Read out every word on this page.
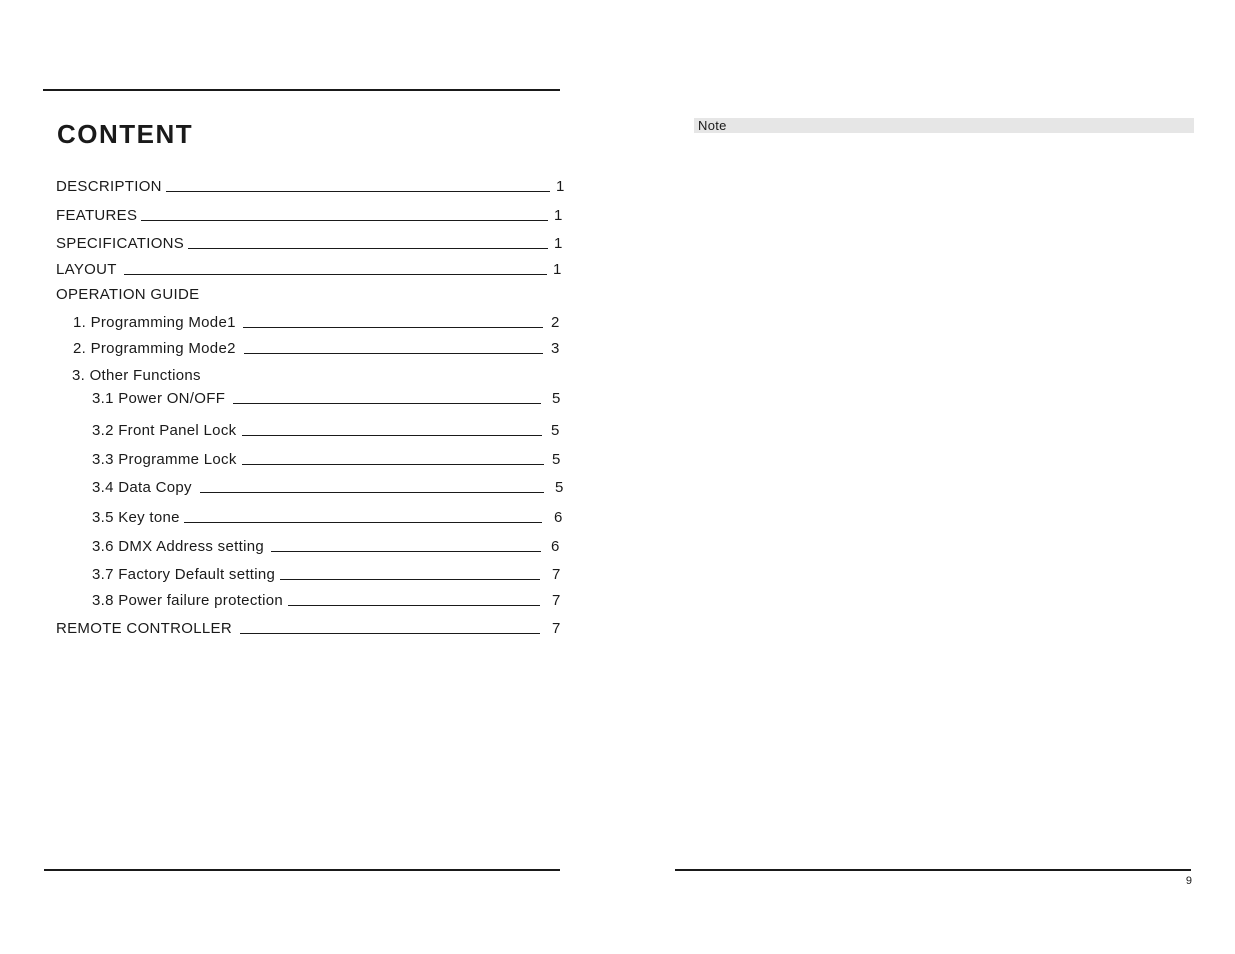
CONTENT
DESCRIPTION	1
FEATURES	1
SPECIFICATIONS	1
LAYOUT	1
OPERATION GUIDE
1. Programming Mode1	2
2. Programming Mode2	3
3. Other Functions
3.1 Power ON/OFF	5
3.2 Front Panel Lock	5
3.3 Programme Lock	5
3.4 Data Copy	5
3.5 Key tone	6
3.6 DMX Address setting	6
3.7 Factory Default setting	7
3.8 Power failure protection	7
REMOTE CONTROLLER	7
Note
9
